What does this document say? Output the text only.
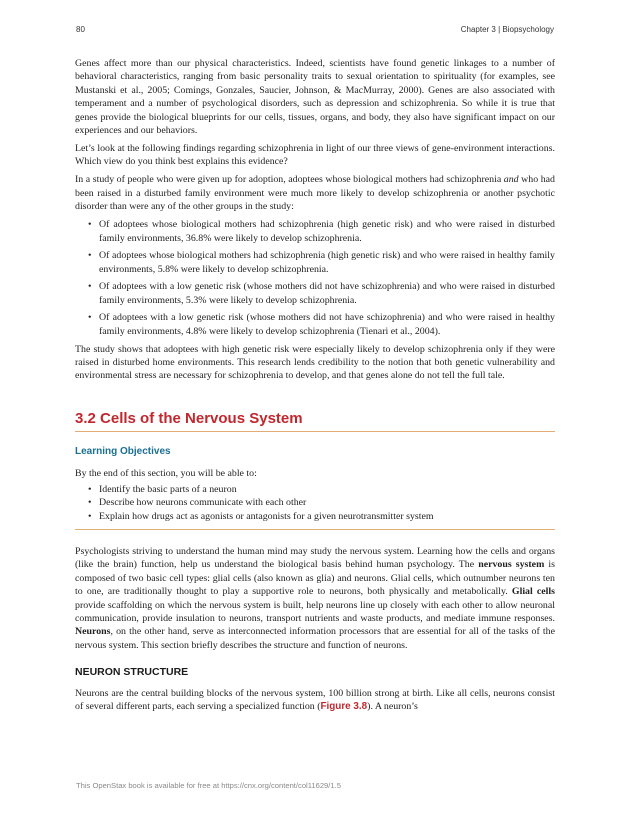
80	Chapter 3 | Biopsychology

Genes affect more than our physical characteristics. Indeed, scientists have found genetic linkages to a number of behavioral characteristics, ranging from basic personality traits to sexual orientation to spirituality (for examples, see Mustanski et al., 2005; Comings, Gonzales, Saucier, Johnson, & MacMurray, 2000). Genes are also associated with temperament and a number of psychological disorders, such as depression and schizophrenia. So while it is true that genes provide the biological blueprints for our cells, tissues, organs, and body, they also have significant impact on our experiences and our behaviors.

Let’s look at the following findings regarding schizophrenia in light of our three views of gene-environment interactions. Which view do you think best explains this evidence?

In a study of people who were given up for adoption, adoptees whose biological mothers had schizophrenia and who had been raised in a disturbed family environment were much more likely to develop schizophrenia or another psychotic disorder than were any of the other groups in the study:

• Of adoptees whose biological mothers had schizophrenia (high genetic risk) and who were raised in disturbed family environments, 36.8% were likely to develop schizophrenia.
• Of adoptees whose biological mothers had schizophrenia (high genetic risk) and who were raised in healthy family environments, 5.8% were likely to develop schizophrenia.
• Of adoptees with a low genetic risk (whose mothers did not have schizophrenia) and who were raised in disturbed family environments, 5.3% were likely to develop schizophrenia.
• Of adoptees with a low genetic risk (whose mothers did not have schizophrenia) and who were raised in healthy family environments, 4.8% were likely to develop schizophrenia (Tienari et al., 2004).

The study shows that adoptees with high genetic risk were especially likely to develop schizophrenia only if they were raised in disturbed home environments. This research lends credibility to the notion that both genetic vulnerability and environmental stress are necessary for schizophrenia to develop, and that genes alone do not tell the full tale.

3.2 Cells of the Nervous System
Learning Objectives
By the end of this section, you will be able to:
• Identify the basic parts of a neuron
• Describe how neurons communicate with each other
• Explain how drugs act as agonists or antagonists for a given neurotransmitter system

Psychologists striving to understand the human mind may study the nervous system. Learning how the cells and organs (like the brain) function, help us understand the biological basis behind human psychology. The nervous system is composed of two basic cell types: glial cells (also known as glia) and neurons. Glial cells, which outnumber neurons ten to one, are traditionally thought to play a supportive role to neurons, both physically and metabolically. Glial cells provide scaffolding on which the nervous system is built, help neurons line up closely with each other to allow neuronal communication, provide insulation to neurons, transport nutrients and waste products, and mediate immune responses. Neurons, on the other hand, serve as interconnected information processors that are essential for all of the tasks of the nervous system. This section briefly describes the structure and function of neurons.

NEURON STRUCTURE

Neurons are the central building blocks of the nervous system, 100 billion strong at birth. Like all cells, neurons consist of several different parts, each serving a specialized function (Figure 3.8). A neuron’s

This OpenStax book is available for free at https://cnx.org/content/col11629/1.5
